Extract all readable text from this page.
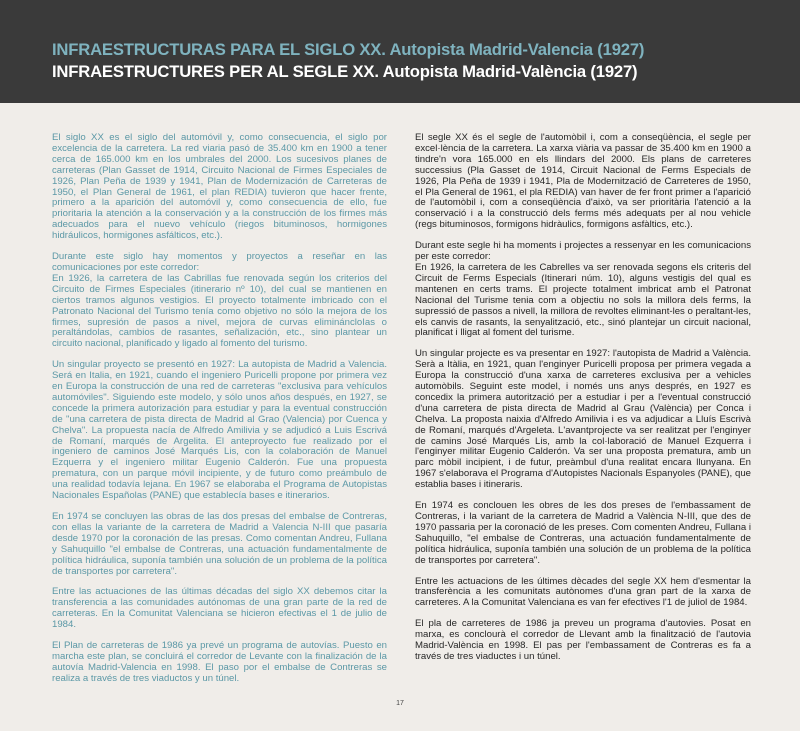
INFRAESTRUCTURAS PARA EL SIGLO XX. Autopista Madrid-Valencia (1927)
INFRAESTRUCTURES PER AL SEGLE XX. Autopista Madrid-València (1927)

El siglo XX es el siglo del automóvil y, como consecuencia, el siglo por excelencia de la carretera. La red viaria pasó de 35.400 km en 1900 a tener cerca de 165.000 km en los umbrales del 2000. Los sucesivos planes de carreteras (Plan Gasset de 1914, Circuito Nacional de Firmes Especiales de 1926, Plan Peña de 1939 y 1941, Plan de Modernización de Carreteras de 1950, el Plan General de 1961, el plan REDIA) tuvieron que hacer frente, primero a la aparición del automóvil y, como consecuencia de ello, fue prioritaria la atención a la conservación y a la construcción de los firmes más adecuados para el nuevo vehículo (riegos bituminosos, hormigones hidráulicos, hormigones asfálticos, etc.).

Durante este siglo hay momentos y proyectos a reseñar en las comunicaciones por este corredor:
En 1926, la carretera de las Cabrillas fue renovada según los criterios del Circuito de Firmes Especiales (itinerario nº 10), del cual se mantienen en ciertos tramos algunos vestigios. El proyecto totalmente imbricado con el Patronato Nacional del Turismo tenía como objetivo no sólo la mejora de los firmes, supresión de pasos a nivel, mejora de curvas elimináncloIas o peraltándolas, cambios de rasantes, señalización, etc., sino plantear un circuito nacional, planificado y ligado al fomento del turismo.

Un singular proyecto se presentó en 1927: La autopista de Madrid a Valencia. Será en Italia, en 1921, cuando el ingeniero Puricelli propone por primera vez en Europa la construcción de una red de carreteras "exclusiva para vehículos automóviles". Siguiendo este modelo, y sólo unos años después, en 1927, se concede la primera autorización para estudiar y para la eventual construcción de "una carretera de pista directa de Madrid al Grao (Valencia) por Cuenca y Chelva". La propuesta nacía de Alfredo Amilivia y se adjudicó a Luis Escrivá de Romaní, marqués de Argelita. El anteproyecto fue realizado por el ingeniero de caminos José Marqués Lis, con la colaboración de Manuel Ezquerra y el ingeniero militar Eugenio Calderón. Fue una propuesta prematura, con un parque móvil incipiente, y de futuro como preámbulo de una realidad todavía lejana. En 1967 se elaboraba el Programa de Autopistas Nacionales Españolas (PANE) que establecía bases e itinerarios.

En 1974 se concluyen las obras de las dos presas del embalse de Contreras, con ellas la variante de la carretera de Madrid a Valencia N-III que pasaría desde 1970 por la coronación de las presas. Como comentan Andreu, Fullana y Sahuquillo "el embalse de Contreras, una actuación fundamentalmente de política hidráulica, suponía también una solución de un problema de la política de transportes por carretera".

Entre las actuaciones de las últimas décadas del siglo XX debemos citar la transferencia a las comunidades autónomas de una gran parte de la red de carreteras. En la Comunitat Valenciana se hicieron efectivas el 1 de julio de 1984.

El Plan de carreteras de 1986 ya prevé un programa de autovías. Puesto en marcha este plan, se concluirá el corredor de Levante con la finalización de la autovía Madrid-Valencia en 1998. El paso por el embalse de Contreras se realiza a través de tres viaductos y un túnel.

El segle XX és el segle de l'automòbil i, com a conseqüència, el segle per excel·lència de la carretera. La xarxa viària va passar de 35.400 km en 1900 a tindre'n vora 165.000 en els llindars del 2000. Els plans de carreteres successius (Pla Gasset de 1914, Circuit Nacional de Ferms Especials de 1926, Pla Peña de 1939 i 1941, Pla de Modernització de Carreteres de 1950, el Pla General de 1961, el pla REDIA) van haver de fer front primer a l'aparició de l'automòbil i, com a conseqüència d'això, va ser prioritària l'atenció a la conservació i a la construcció dels ferms més adequats per al nou vehicle (regs bituminosos, formigons hidràulics, formigons asfàltics, etc.).

Durant este segle hi ha moments i projectes a ressenyar en les comunicacions per este corredor:
En 1926, la carretera de les Cabrelles va ser renovada segons els criteris del Circuit de Ferms Especials (Itinerari núm. 10), alguns vestigis del qual es mantenen en certs trams. El projecte totalment imbricat amb el Patronat Nacional del Turisme tenia com a objectiu no sols la millora dels ferms, la supressió de passos a nivell, la millora de revoltes eliminant-les o peraltant-les, els canvis de rasants, la senyalització, etc., sinó plantejar un circuit nacional, planificat i lligat al foment del turisme.

Un singular projecte es va presentar en 1927: l'autopista de Madrid a València. Serà a Itàlia, en 1921, quan l'enginyer Puricelli proposa per primera vegada a Europa la construcció d'una xarxa de carreteres exclusiva per a vehicles automòbils. Seguint este model, i només uns anys després, en 1927 es concedix la primera autorització per a estudiar i per a l'eventual construcció d'una carretera de pista directa de Madrid al Grau (València) per Conca i Chelva. La proposta naixia d'Alfredo Amilivia i es va adjudicar a Lluís Escrivà de Romaní, marqués d'Argeleta. L'avantprojecte va ser realitzat per l'enginyer de camins José Marqués Lis, amb la col·laboració de Manuel Ezquerra i l'enginyer militar Eugenio Calderón. Va ser una proposta prematura, amb un parc mòbil incipient, i de futur, preàmbul d'una realitat encara llunyana. En 1967 s'elaborava el Programa d'Autopistes Nacionals Espanyoles (PANE), que establia bases i itineraris.

En 1974 es conclouen les obres de les dos preses de l'embassament de Contreras, i la variant de la carretera de Madrid a València N-III, que des de 1970 passaria per la coronació de les preses. Com comenten Andreu, Fullana i Sahuquillo, "el embalse de Contreras, una actuación fundamentalmente de política hidráulica, suponía también una solución de un problema de la política de transportes por carretera".

Entre les actuacions de les últimes dècades del segle XX hem d'esmentar la transferència a les comunitats autònomes d'una gran part de la xarxa de carreteres. A la Comunitat Valenciana es van fer efectives l'1 de juliol de 1984.

El pla de carreteres de 1986 ja preveu un programa d'autovies. Posat en marxa, es conclourà el corredor de Llevant amb la finalització de l'autovia Madrid-València en 1998. El pas per l'embassament de Contreras es fa a través de tres viaductes i un túnel.

17
